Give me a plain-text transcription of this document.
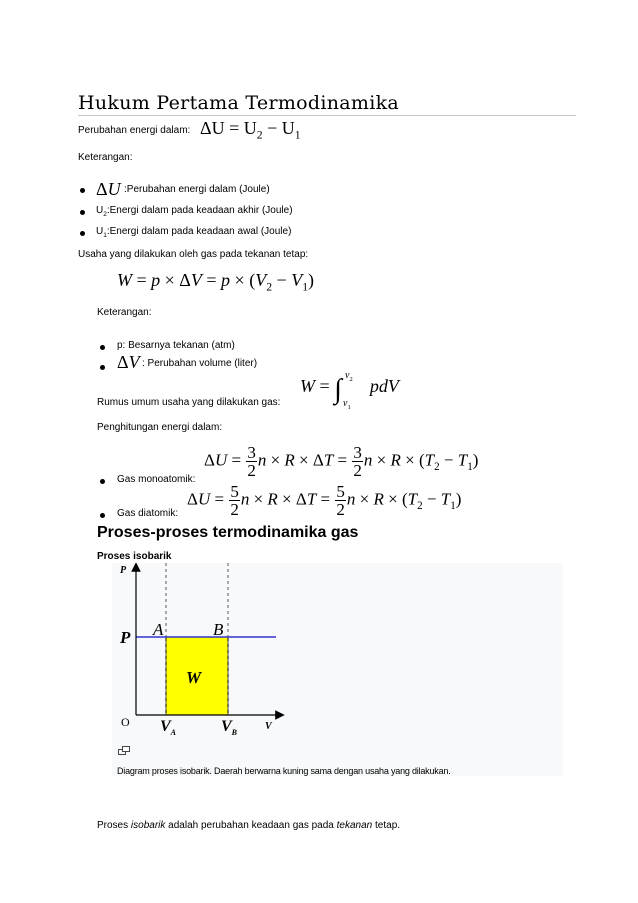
Hukum Pertama Termodinamika
Perubahan energi dalam: $\Delta U = U_2 - U_1$
Keterangan:
ΔU :Perubahan energi dalam (Joule)
$U_2:Energi$ dalam pada keadaan akhir (Joule)
$U_1:Energi$ dalam pada keadaan awal (Joule)
Usaha yang dilakukan oleh gas pada tekanan tetap:
$W = p \times \Delta V = p \times (V_2 - V_1)$
Keterangan:
p: Besarnya tekanan (atm)
ΔV : Perubahan volume (liter)
W = ∫ pdV
$v_2$
$v_1$
Rumus umum usaha yang dilakukan gas:
Penghitungan energi dalam:
$\Delta U = \frac{3}{2}$ $n \times R \times \Delta T = \frac{3}{2}$ $n \times R \times (T_2 - T_1)$
Gas monoatomik:
$\Delta U = \frac{5}{2}$ $n \times R \times \Delta T = \frac{5}{2}$ $n \times R \times (T_2 - T_1)$
Gas diatomik:
Proses-proses termodinamika gas
Proses isobarik
P
P A	B
W
V
O $V_A$	$V_B$
Diagram proses isobarik. Daerah berwarna kuning sama dengan usaha yang dilakukan.
Proses isobarik adalah perubahan keadaan gas pada tekanan tetap.
